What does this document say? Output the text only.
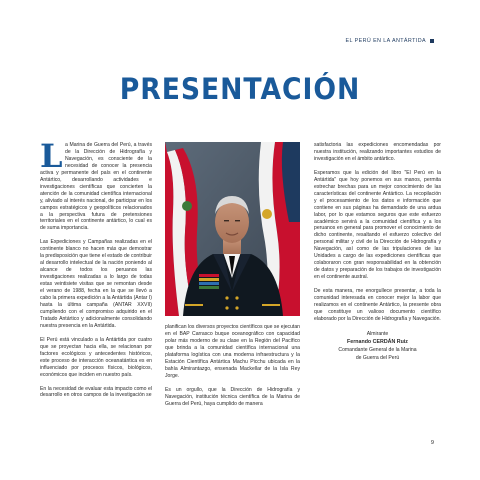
EL PERÚ EN LA ANTÁRTIDA
PRESENTACIÓN
L a Marina de Guerra del Perú, a través de la Dirección de Hidrografía y Navegación, es consciente de la necesidad de conocer la presencia activa y permanente del país en el continente Antártico, desarrollando actividades e investigaciones científicas que concierten la atención de la comunidad científica internacional y, aliviado al interés nacional, de participar en los campos estratégicos y geopolíticos relacionados a la perspectiva futura de pretensiones territoriales en el continente antártico, lo cual es de suma importancia.

Las Expediciones y Campañas realizadas en el continente blanco no hacen más que demostrar la predisposición que tiene el estado de contribuir al desarrollo intelectual de la nación poniendo al alcance de todos los peruanos las investigaciones realizadas a lo largo de todas estas veintisiete visitas que se remontan desde el verano de 1988, fecha en la que se llevó a cabo la primera expedición a la Antártida (Antar I) hasta la última campaña (ANTAR XXVII) cumpliendo con el compromiso adquirido en el Tratado Antártico y adicionalmente consolidando nuestra presencia en la Antártida.

El Perú está vinculado a la Antártida por cuatro que se proyectan hacia ella, se relacionan por factores ecológicos y antecedentes históricos, este proceso de interacción oceanatántica es en influenciado por procesos físicos, biológicos, económicos que inciden en nuestro país.

En la necesidad de evaluar esta impacto como el desarrollo en otros campos de la investigación se

planifican los diversos proyectos científicos que se ejecutan en el BAP Carrasco buque oceanográfico con capacidad polar más moderno de su clase en la Región del Pacífico que brinda a la comunidad científica internacional una plataforma logística con una moderna infraestructura y la Estación Científica Antártica Machu Picchu ubicada en la bahía Almirantazgo, ensenada Mackellar de la Isla Rey Jorge.

Es un orgullo, que la Dirección de Hidrografía y Navegación, institución técnica científica de la Marina de Guerra del Perú, haya cumplido de manera

satisfactoria las expediciones encomendadas por nuestra institución, realizando importantes estudios de investigación en el ámbito antártico.

Esperamos que la edición del libro "El Perú en la Antártida" que hoy ponemos en sus manos, permita estrechar brechas para un mejor conocimiento de las características del continente Antártico. La recopilación y el procesamiento de los datos e información que contiene en sus páginas ha demandado de una ardua labor, por lo que estamos seguros que este esfuerzo académico servirá a la comunidad científica y a los peruanos en general para promover el conocimiento de dicho continente, resaltando el esfuerzo colectivo del personal militar y civil de la Dirección de Hidrografía y Navegación, así como de las tripulaciones de las Unidades a cargo de las expediciones científicas que colaboraron con gran responsabilidad en la obtención de datos y preparación de los trabajos de investigación en el continente austral.

De esta manera, me enorgullece presentar, a toda la comunidad interesada en conocer mejor la labor que realizamos en el continente Antártico, la presente obra que constituye un valioso documento científico elaborado por la Dirección de Hidrografía y Navegación.

Almirante
Fernando CERDÁN Ruiz
Comandante General de la Marina
de Guerra del Perú
9
